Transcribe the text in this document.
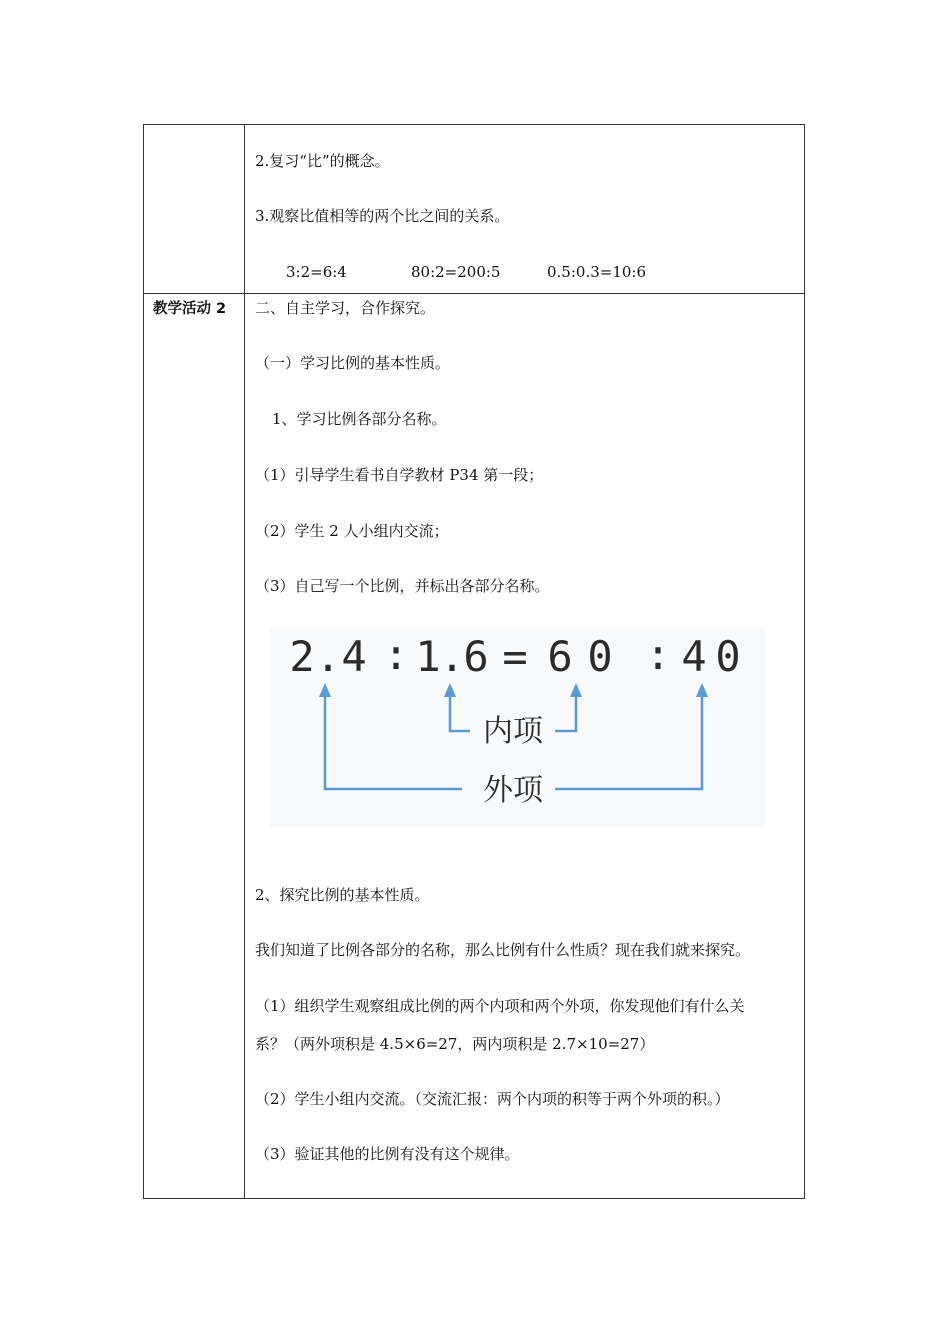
2.复习“比”的概念。
3.观察比值相等的两个比之间的关系。
3:2=6:4	80:2=200:5	0.5:0.3=10:6
教学活动 2 二、自主学习，合作探究。
（一）学习比例的基本性质。
1、学习比例各部分名称。
（1）引导学生看书自学教材 P34 第一段；
（2）学生 2 人小组内交流；
（3）自己写一个比例，并标出各部分名称。
2 . 4 : 1
.
6 = 6 0 : 4 0
内项
外项
2、探究比例的基本性质。
我们知道了比例各部分的名称，那么比例有什么性质？现在我们就来探究。
（1）组织学生观察组成比例的两个内项和两个外项，你发现他们有什么关
系？（两外项积是 4.5×6=27，两内项积是 2.7×10=27）
（2）学生小组内交流。（交流汇报：两个内项的积等于两个外项的积。）
（3）验证其他的比例有没有这个规律。
